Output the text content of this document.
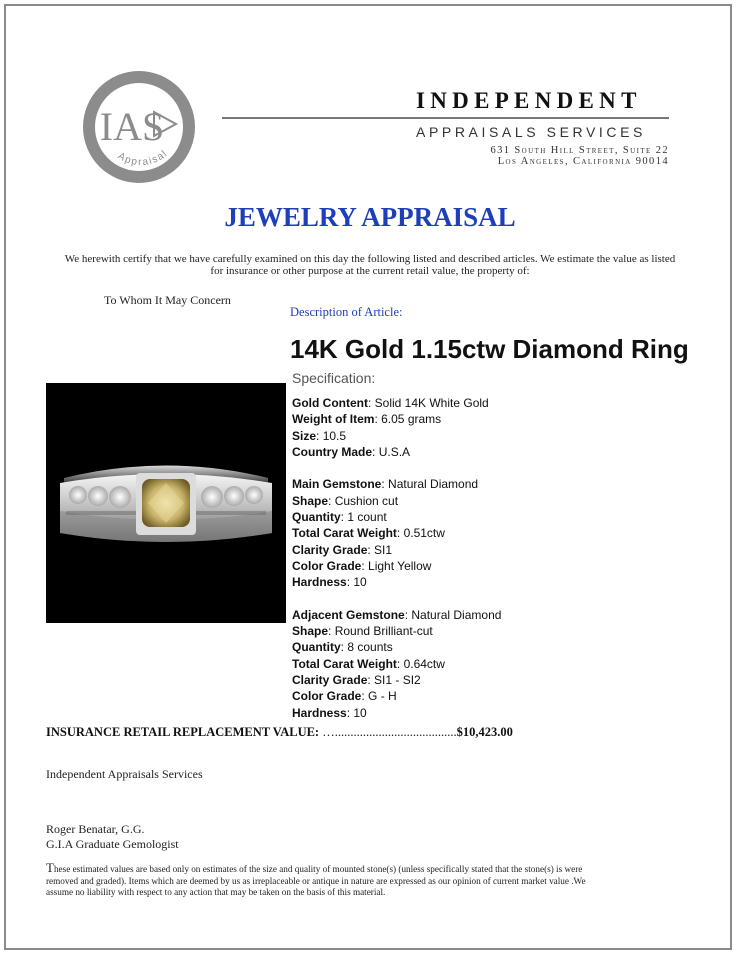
IAS
Appraisal
INDEPENDENT
APPRAISALS SERVICES
631 South Hill Street, Suite 22
Los Angeles, California 90014
JEWELRY APPRAISAL
We herewith certify that we have carefully examined on this day the following listed and described articles. We estimate the value as listed for insurance or other purpose at the current retail value, the property of:
To Whom It May Concern
Description of Article:
14K Gold 1.15ctw Diamond Ring
Specification:
Gold Content: Solid 14K White Gold
Weight of Item: 6.05 grams
Size: 10.5
Country Made: U.S.A
Main Gemstone: Natural Diamond
Shape: Cushion cut
Quantity: 1 count
Total Carat Weight: 0.51ctw
Clarity Grade: SI1
Color Grade: Light Yellow
Hardness: 10
Adjacent Gemstone: Natural Diamond
Shape: Round Brilliant-cut
Quantity: 8 counts
Total Carat Weight: 0.64ctw
Clarity Grade: SI1 - SI2
Color Grade: G - H
Hardness: 10
INSURANCE RETAIL REPLACEMENT VALUE: ….......................................$10,423.00
Independent Appraisals Services
Roger Benatar, G.G.
G.I.A Graduate Gemologist
These estimated values are based only on estimates of the size and quality of mounted stone(s) (unless specifically stated that the stone(s) is were removed and graded). Items which are deemed by us as irreplaceable or antique in nature are expressed as our opinion of current market value .We assume no liability with respect to any action that may be taken on the basis of this material.
